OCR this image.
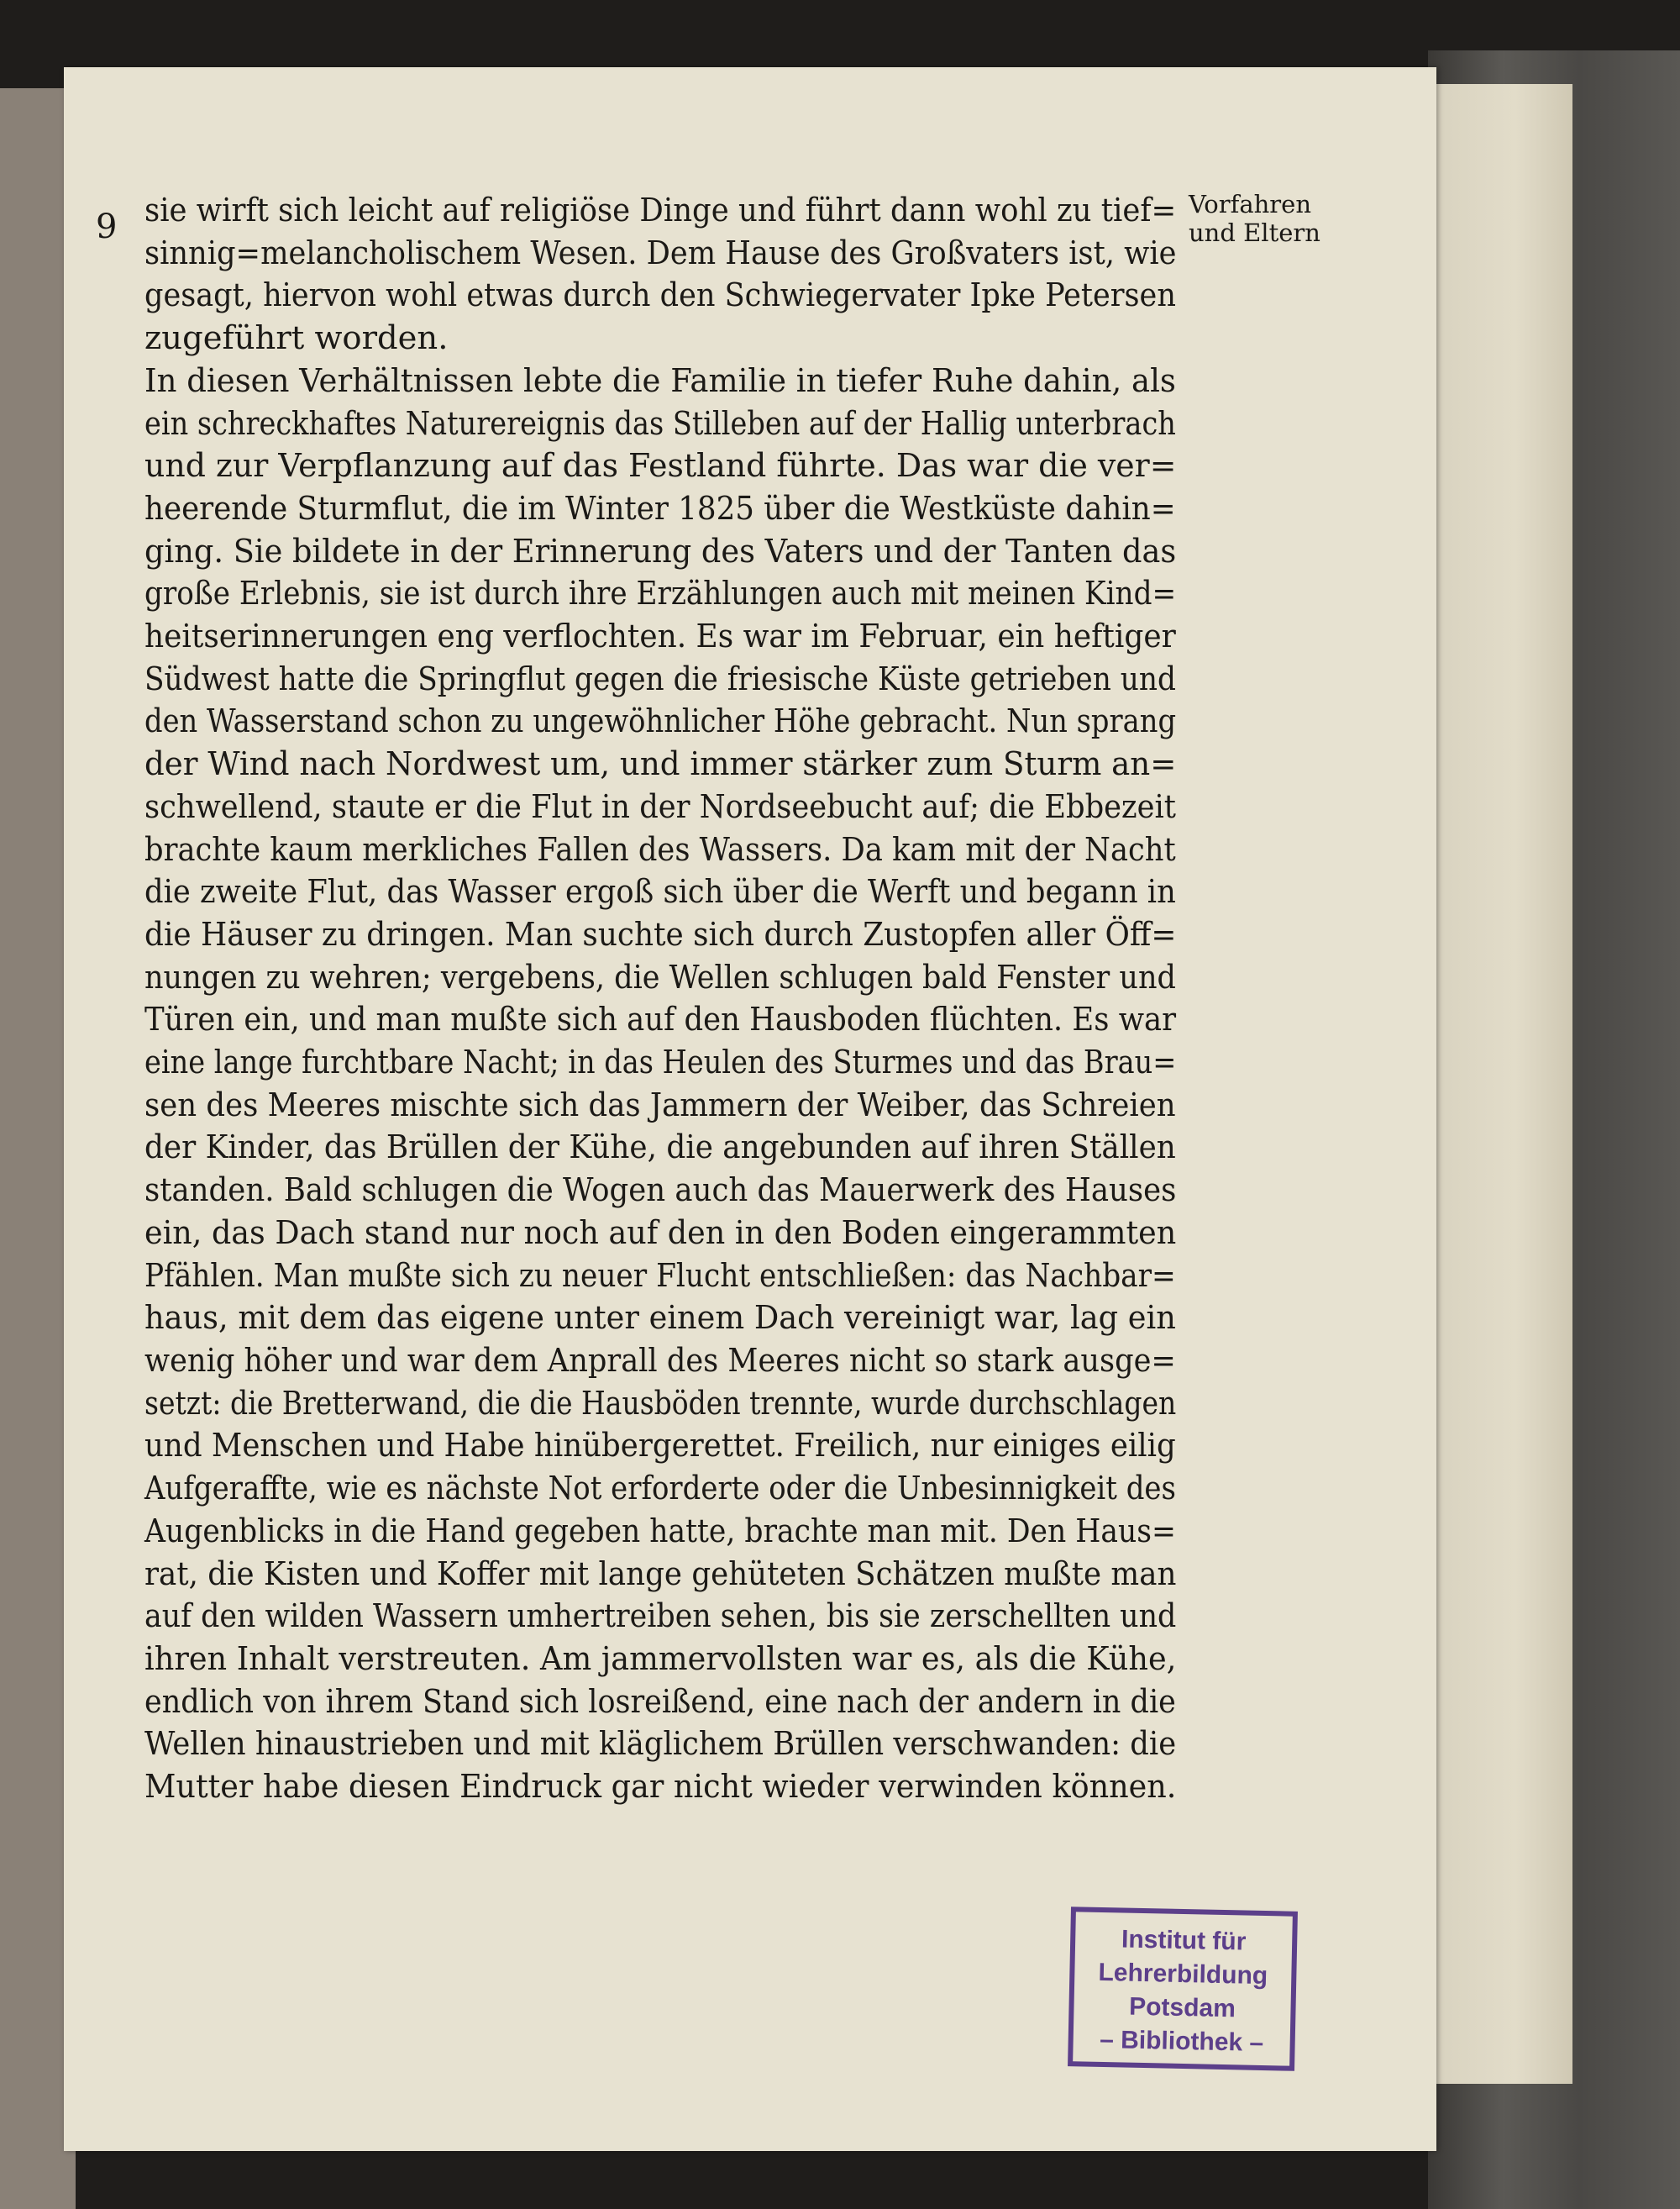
9 sie wirft sich leicht auf religiöse Dinge und führt dann wohl zu tief=
sinnig=melancholischem Wesen. Dem Hause des Großvaters ist, wie
gesagt, hiervon wohl etwas durch den Schwiegervater Ipke Petersen
zugeführt worden.
In diesen Verhältnissen lebte die Familie in tiefer Ruhe dahin, als
ein schreckhaftes Naturereignis das Stilleben auf der Hallig unterbrach
und zur Verpflanzung auf das Festland führte. Das war die ver=
heerende Sturmflut, die im Winter 1825 über die Westküste dahin=
ging. Sie bildete in der Erinnerung des Vaters und der Tanten das
große Erlebnis, sie ist durch ihre Erzählungen auch mit meinen Kind=
heitserinnerungen eng verflochten. Es war im Februar, ein heftiger
Südwest hatte die Springflut gegen die friesische Küste getrieben und
den Wasserstand schon zu ungewöhnlicher Höhe gebracht. Nun sprang
der Wind nach Nordwest um, und immer stärker zum Sturm an=
schwellend, staute er die Flut in der Nordseebucht auf; die Ebbezeit
brachte kaum merkliches Fallen des Wassers. Da kam mit der Nacht
die zweite Flut, das Wasser ergoß sich über die Werft und begann in
die Häuser zu dringen. Man suchte sich durch Zustopfen aller Öff=
nungen zu wehren; vergebens, die Wellen schlugen bald Fenster und
Türen ein, und man mußte sich auf den Hausboden flüchten. Es war
eine lange furchtbare Nacht; in das Heulen des Sturmes und das Brau=
sen des Meeres mischte sich das Jammern der Weiber, das Schreien
der Kinder, das Brüllen der Kühe, die angebunden auf ihren Ställen
standen. Bald schlugen die Wogen auch das Mauerwerk des Hauses
ein, das Dach stand nur noch auf den in den Boden eingerammten
Pfählen. Man mußte sich zu neuer Flucht entschließen: das Nachbar=
haus, mit dem das eigene unter einem Dach vereinigt war, lag ein
wenig höher und war dem Anprall des Meeres nicht so stark ausge=
setzt: die Bretterwand, die die Hausböden trennte, wurde durchschlagen
und Menschen und Habe hinübergerettet. Freilich, nur einiges eilig
Aufgeraffte, wie es nächste Not erforderte oder die Unbesinnigkeit des
Augenblicks in die Hand gegeben hatte, brachte man mit. Den Haus=
rat, die Kisten und Koffer mit lange gehüteten Schätzen mußte man
auf den wilden Wassern umhertreiben sehen, bis sie zerschellten und
ihren Inhalt verstreuten. Am jammervollsten war es, als die Kühe,
endlich von ihrem Stand sich losreißend, eine nach der andern in die
Wellen hinaustrieben und mit kläglichem Brüllen verschwanden: die
Mutter habe diesen Eindruck gar nicht wieder verwinden können.
Vorfahren
und Eltern
Institut für
Lehrerbildung
Potsdam
– Bibliothek –
